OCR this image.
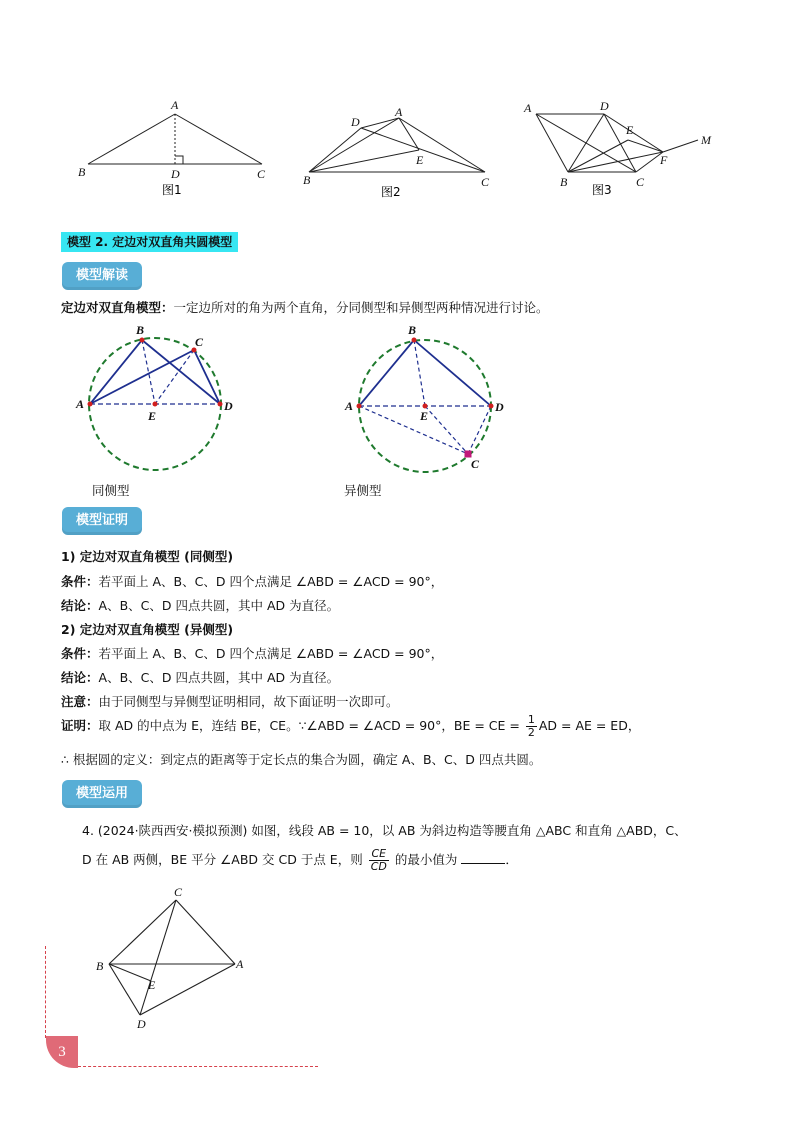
A
B	C
D
图1
A
D
E
B	C
图2
A	D
E
F
M
B	C
图3
模型 2. 定边对双直角共圆模型
模型解读
定边对双直角模型：一定边所对的角为两个直角，分同侧型和异侧型两种情况进行讨论。
A
B
C
D
E
同侧型
A
B
D
E
C
异侧型
模型证明
1) 定边对双直角模型 (同侧型)
条件：若平面上 A、B、C、D 四个点满足 ∠ABD = ∠ACD = 90°，
结论：A、B、C、D 四点共圆，其中 AD 为直径。
2) 定边对双直角模型 (异侧型)
条件：若平面上 A、B、C、D 四个点满足 ∠ABD = ∠ACD = 90°，
结论：A、B、C、D 四点共圆，其中 AD 为直径。
注意：由于同侧型与异侧型证明相同，故下面证明一次即可。
证明：取 AD 的中点为 E，连结 BE，CE。∵∠ABD = ∠ACD = 90°，BE = CE = $\frac{1}{2}$ AD = AE = ED，
∴ 根据圆的定义：到定点的距离等于定长点的集合为圆，确定 A、B、C、D 四点共圆。
模型运用
4. (2024·陕西西安·模拟预测) 如图，线段 AB = 10，以 AB 为斜边构造等腰直角 △ABC 和直角 △ABD，C、
D 在 AB 两侧，BE 平分 ∠ABD 交 CD 于点 E，则 $\frac{CE}{CD}$ 的最小值为	．
C
B	A
E
D
3
